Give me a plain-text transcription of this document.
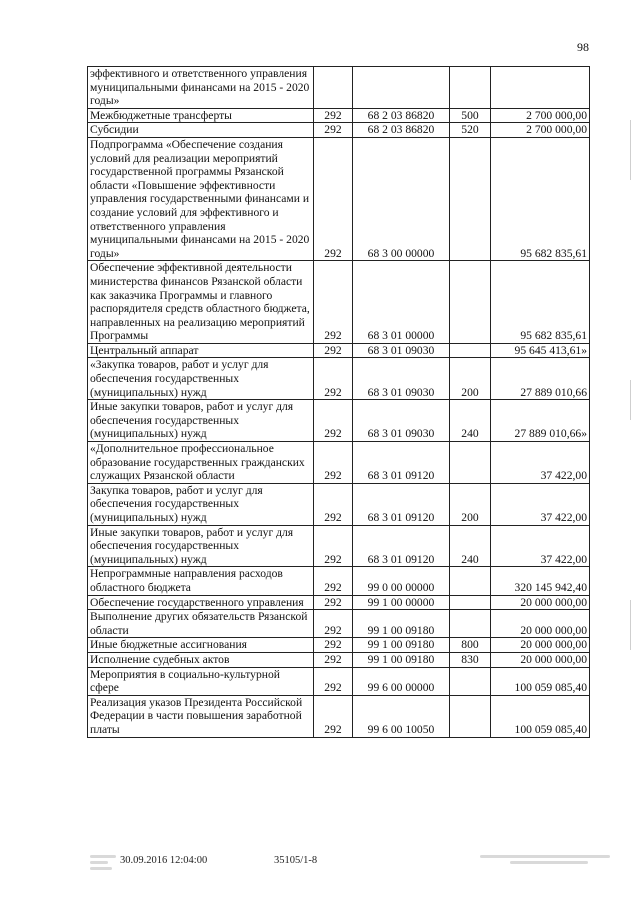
98
эффективного и ответственного управления муниципальными финансами на 2015 - 2020 годы»				
Межбюджетные трансферты	292	68 2 03 86820	500	2 700 000,00
Субсидии	292	68 2 03 86820	520	2 700 000,00
Подпрограмма «Обеспечение создания условий для реализации мероприятий государственной программы Рязанской области «Повышение эффективности управления государственными финансами и создание условий для эффективного и ответственного управления муниципальными финансами на 2015 - 2020 годы»	292	68 3 00 00000		95 682 835,61
Обеспечение эффективной деятельности министерства финансов Рязанской области как заказчика Программы и главного распорядителя средств областного бюджета, направленных на реализацию мероприятий Программы	292	68 3 01 00000		95 682 835,61
Центральный аппарат	292	68 3 01 09030		95 645 413,61»
«Закупка товаров, работ и услуг для обеспечения государственных (муниципальных) нужд	292	68 3 01 09030	200	27 889 010,66
Иные закупки товаров, работ и услуг для обеспечения государственных (муниципальных) нужд	292	68 3 01 09030	240	27 889 010,66»
«Дополнительное профессиональное образование государственных гражданских служащих Рязанской области	292	68 3 01 09120		37 422,00
Закупка товаров, работ и услуг для обеспечения государственных (муниципальных) нужд	292	68 3 01 09120	200	37 422,00
Иные закупки товаров, работ и услуг для обеспечения государственных (муниципальных) нужд	292	68 3 01 09120	240	37 422,00
Непрограммные направления расходов областного бюджета	292	99 0 00 00000		320 145 942,40
Обеспечение государственного управления	292	99 1 00 00000		20 000 000,00
Выполнение других обязательств Рязанской области	292	99 1 00 09180		20 000 000,00
Иные бюджетные ассигнования	292	99 1 00 09180	800	20 000 000,00
Исполнение судебных актов	292	99 1 00 09180	830	20 000 000,00
Мероприятия в социально-культурной сфере	292	99 6 00 00000		100 059 085,40
Реализация указов Президента Российской Федерации в части повышения заработной платы	292	99 6 00 10050		100 059 085,40
30.09.2016 12:04:00	35105/1-8
